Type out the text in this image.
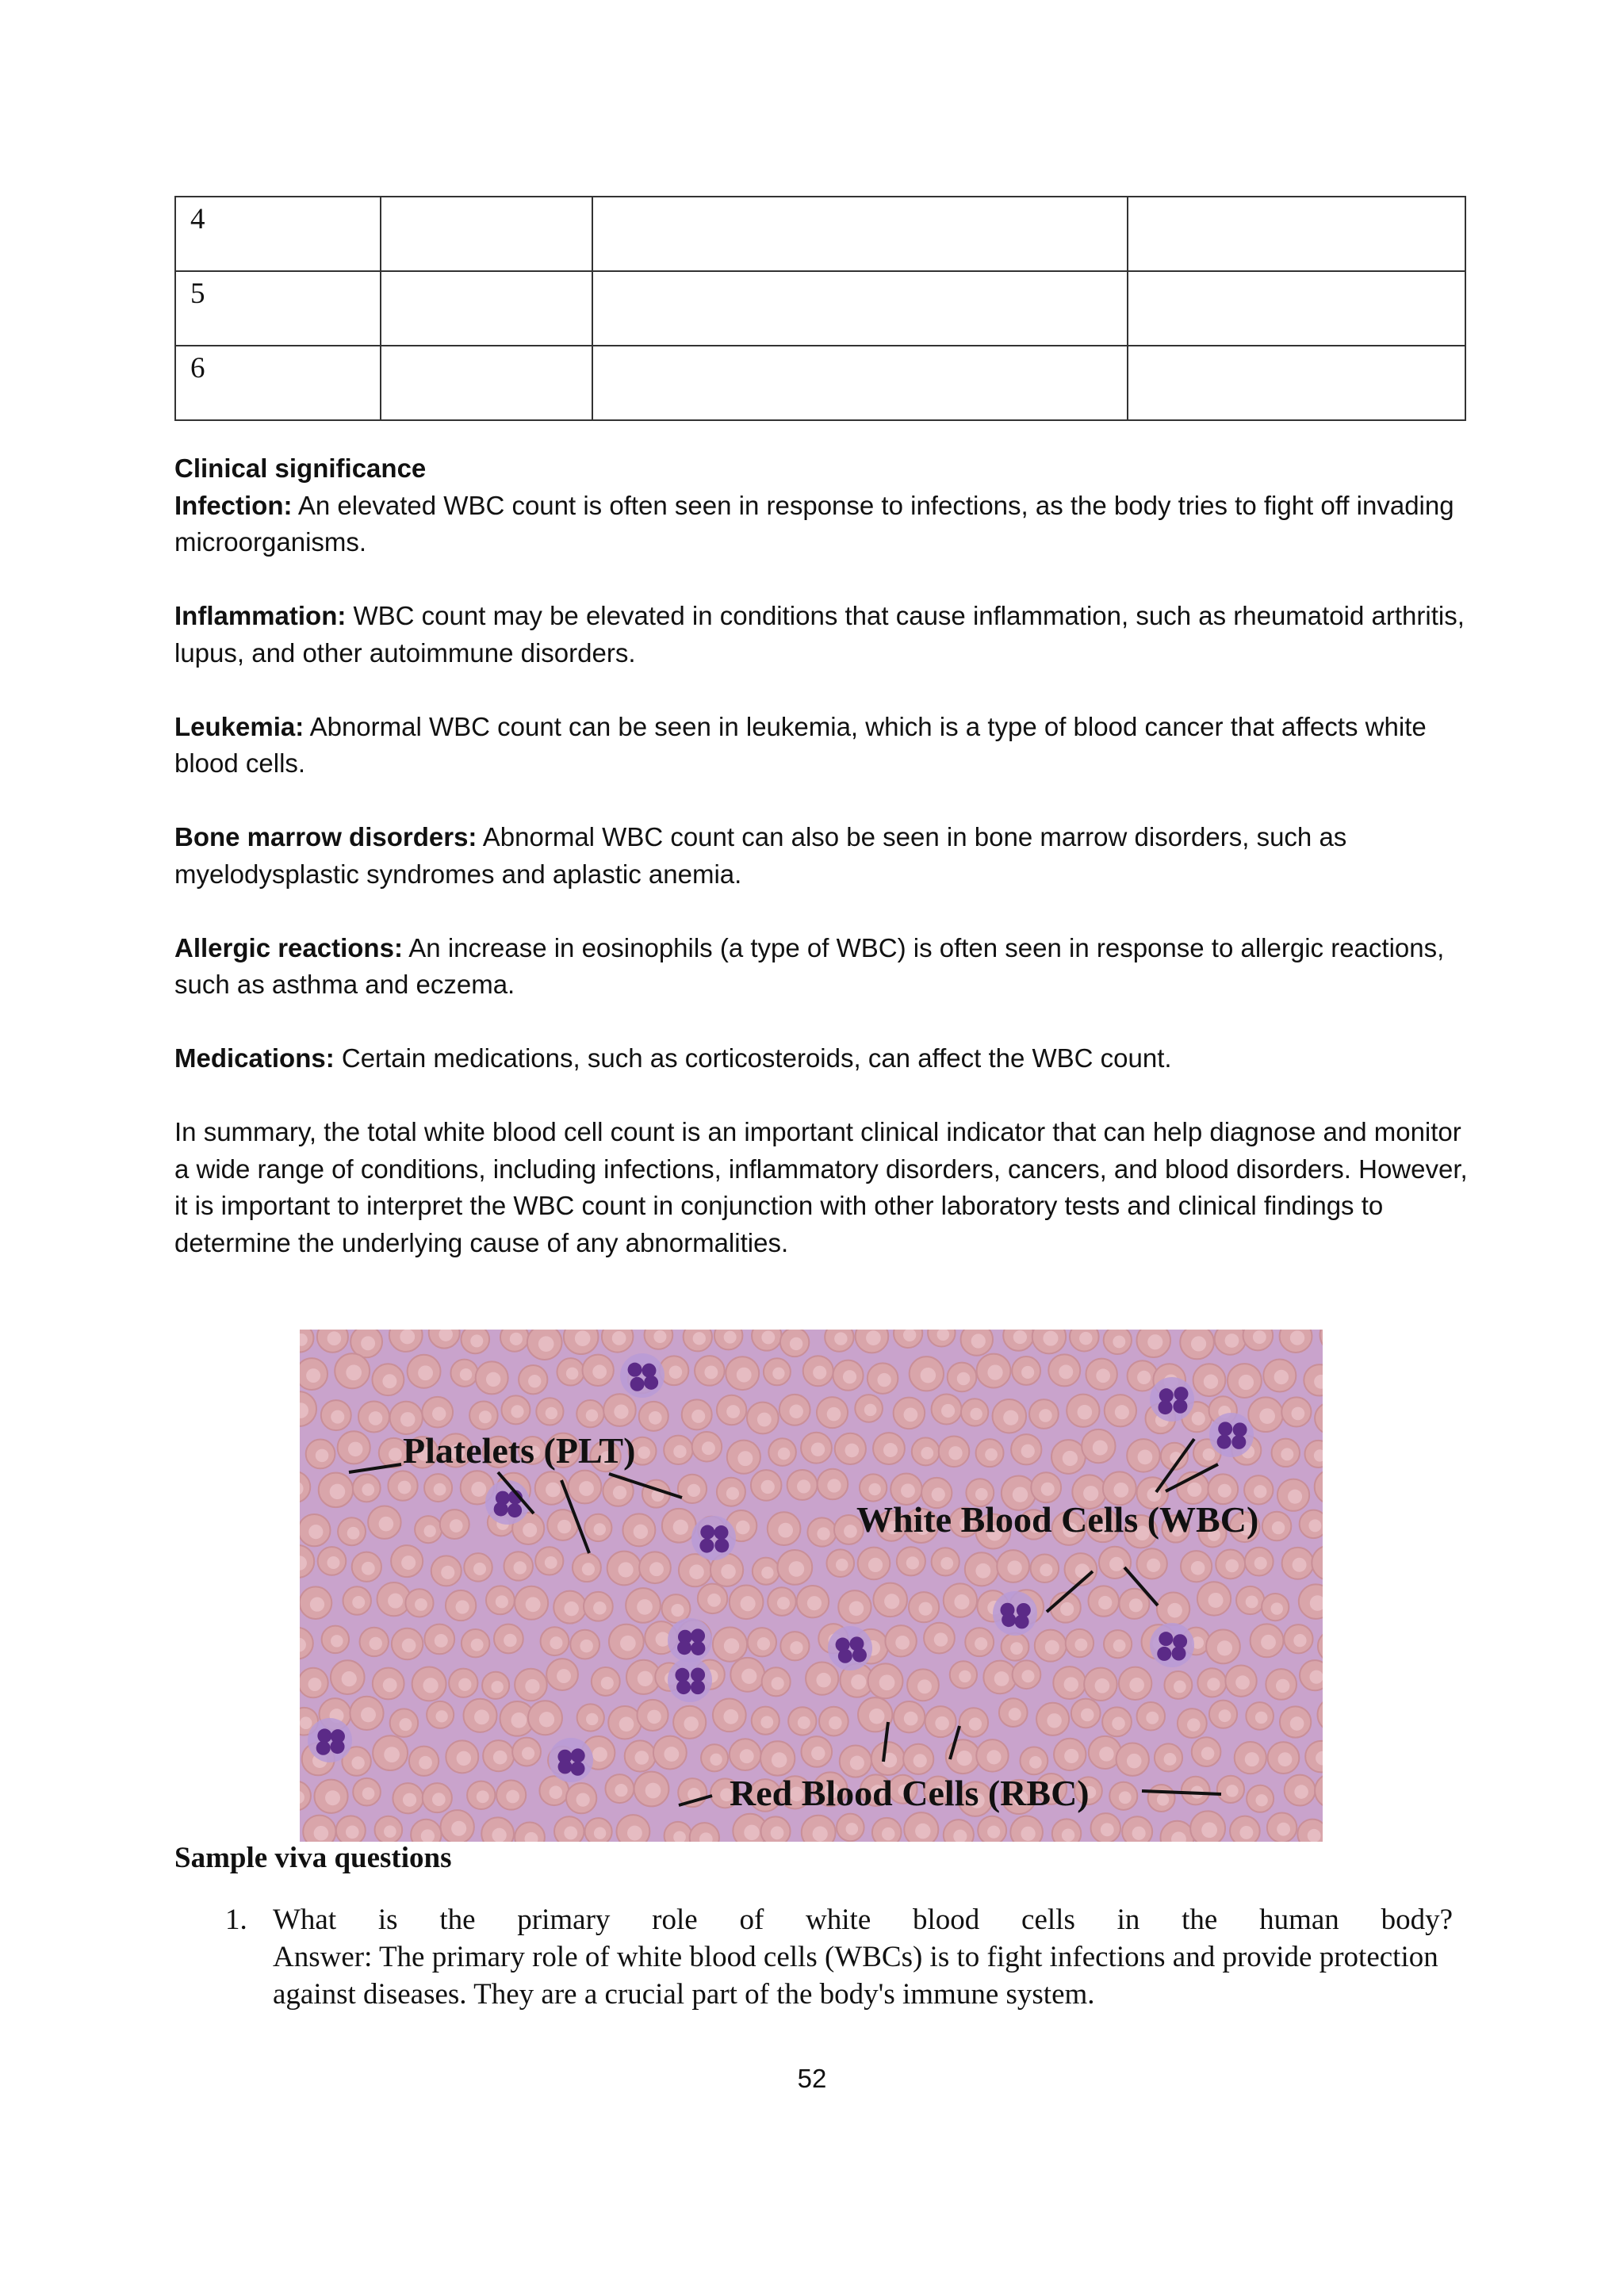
4			
5			
6			

Clinical significance

Infection: An elevated WBC count is often seen in response to infections, as the body tries to fight off invading microorganisms.

Inflammation: WBC count may be elevated in conditions that cause inflammation, such as rheumatoid arthritis, lupus, and other autoimmune disorders.

Leukemia: Abnormal WBC count can be seen in leukemia, which is a type of blood cancer that affects white blood cells.

Bone marrow disorders: Abnormal WBC count can also be seen in bone marrow disorders, such as myelodysplastic syndromes and aplastic anemia.

Allergic reactions: An increase in eosinophils (a type of WBC) is often seen in response to allergic reactions, such as asthma and eczema.

Medications: Certain medications, such as corticosteroids, can affect the WBC count.

In summary, the total white blood cell count is an important clinical indicator that can help diagnose and monitor a wide range of conditions, including infections, inflammatory disorders, cancers, and blood disorders. However, it is important to interpret the WBC count in conjunction with other laboratory tests and clinical findings to determine the underlying cause of any abnormalities.

Platelets (PLT)
White Blood Cells (WBC)
Red Blood Cells (RBC)
Sample viva questions
1. What is the primary role of white blood cells in the human body?
Answer: The primary role of white blood cells (WBCs) is to fight infections and provide protection against diseases. They are a crucial part of the body's immune system.
52
